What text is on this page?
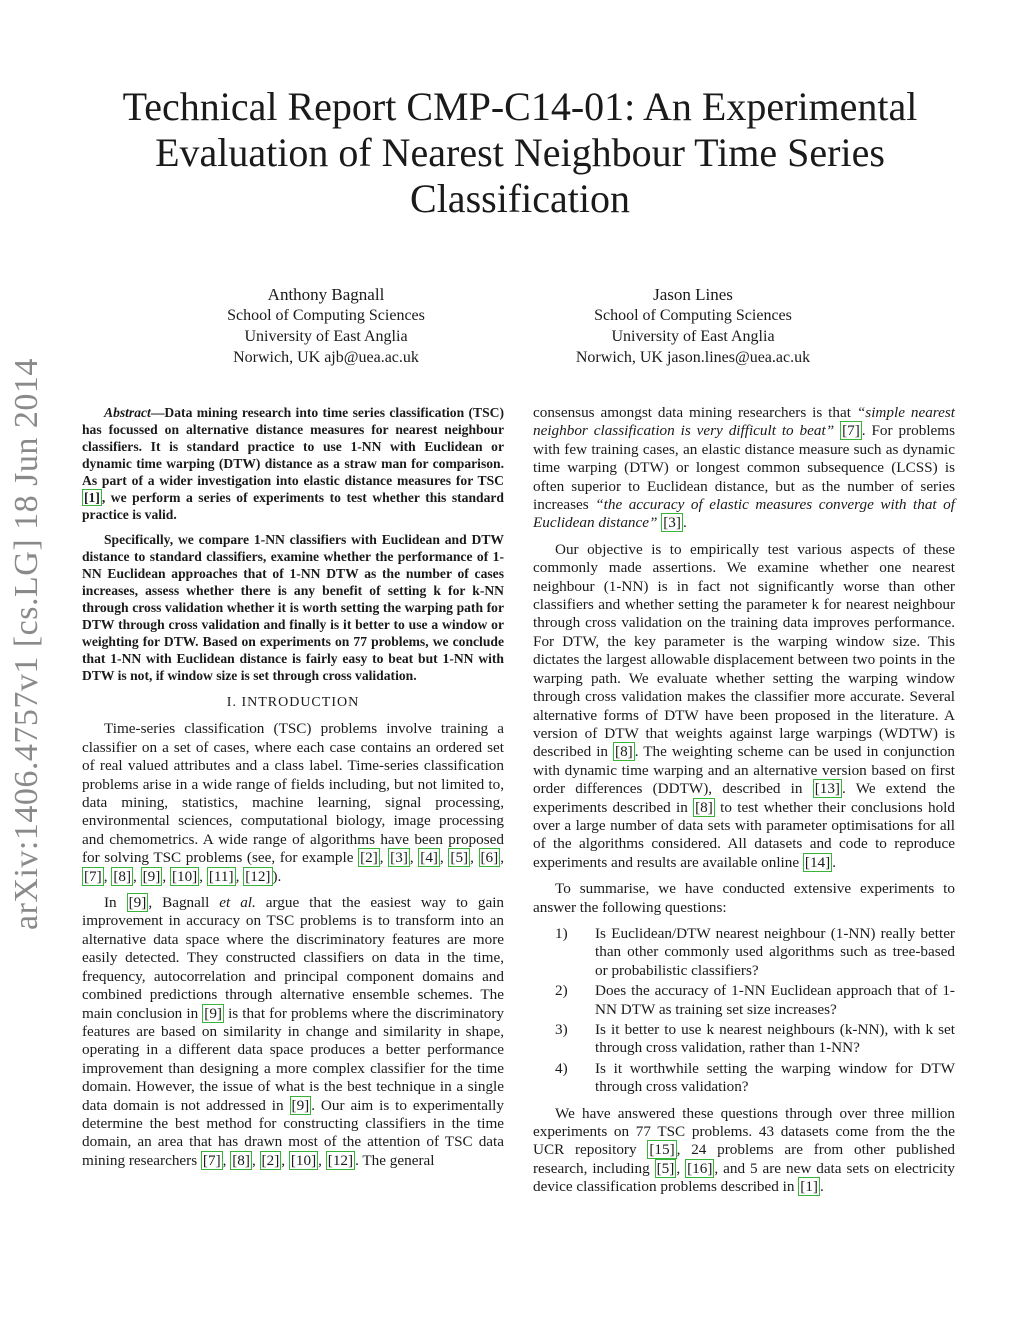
arXiv:1406.4757v1 [cs.LG] 18 Jun 2014
Technical Report CMP-C14-01: An Experimental Evaluation of Nearest Neighbour Time Series Classification
Anthony Bagnall
School of Computing Sciences
University of East Anglia
Norwich, UK ajb@uea.ac.uk
Jason Lines
School of Computing Sciences
University of East Anglia
Norwich, UK jason.lines@uea.ac.uk

Abstract—Data mining research into time series classification (TSC) has focussed on alternative distance measures for nearest neighbour classifiers. It is standard practice to use 1-NN with Euclidean or dynamic time warping (DTW) distance as a straw man for comparison. As part of a wider investigation into elastic distance measures for TSC [1] , we perform a series of experiments to test whether this standard practice is valid.

Specifically, we compare 1-NN classifiers with Euclidean and DTW distance to standard classifiers, examine whether the performance of 1-NN Euclidean approaches that of 1-NN DTW as the number of cases increases, assess whether there is any benefit of setting k for k-NN through cross validation whether it is worth setting the warping path for DTW through cross validation and finally is it better to use a window or weighting for DTW. Based on experiments on 77 problems, we conclude that 1-NN with Euclidean distance is fairly easy to beat but 1-NN with DTW is not, if window size is set through cross validation.

I. INTRODUCTION

Time-series classification (TSC) problems involve training a classifier on a set of cases, where each case contains an ordered set of real valued attributes and a class label. Time-series classification problems arise in a wide range of fields including, but not limited to, data mining, statistics, machine learning, signal processing, environmental sciences, computational biology, image processing and chemometrics. A wide range of algorithms have been proposed for solving TSC problems (see, for example [2] , [3] , [4] , [5] , [6] , [7] , [8] , [9] , [10] , [11] , [12] ).

In [9] , Bagnall et al. argue that the easiest way to gain improvement in accuracy on TSC problems is to transform into an alternative data space where the discriminatory features are more easily detected. They constructed classifiers on data in the time, frequency, autocorrelation and principal component domains and combined predictions through alternative ensemble schemes. The main conclusion in [9] is that for problems where the discriminatory features are based on similarity in change and similarity in shape, operating in a different data space produces a better performance improvement than designing a more complex classifier for the time domain. However, the issue of what is the best technique in a single data domain is not addressed in [9] . Our aim is to experimentally determine the best method for constructing classifiers in the time domain, an area that has drawn most of the attention of TSC data mining researchers [7] , [8] , [2] , [10] , [12] . The general

consensus amongst data mining researchers is that “simple nearest neighbor classification is very difficult to beat” [7] . For problems with few training cases, an elastic distance measure such as dynamic time warping (DTW) or longest common subsequence (LCSS) is often superior to Euclidean distance, but as the number of series increases “the accuracy of elastic measures converge with that of Euclidean distance” [3] .

Our objective is to empirically test various aspects of these commonly made assertions. We examine whether one nearest neighbour (1-NN) is in fact not significantly worse than other classifiers and whether setting the parameter k for nearest neighbour through cross validation on the training data improves performance. For DTW, the key parameter is the warping window size. This dictates the largest allowable displacement between two points in the warping path. We evaluate whether setting the warping window through cross validation makes the classifier more accurate. Several alternative forms of DTW have been proposed in the literature. A version of DTW that weights against large warpings (WDTW) is described in [8] . The weighting scheme can be used in conjunction with dynamic time warping and an alternative version based on first order differences (DDTW), described in [13] . We extend the experiments described in [8] to test whether their conclusions hold over a large number of data sets with parameter optimisations for all of the algorithms considered. All datasets and code to reproduce experiments and results are available online [14] .

To summarise, we have conducted extensive experiments to answer the following questions:

1) Is Euclidean/DTW nearest neighbour (1-NN) really better than other commonly used algorithms such as tree-based or probabilistic classifiers?
2) Does the accuracy of 1-NN Euclidean approach that of 1-NN DTW as training set size increases?
3) Is it better to use k nearest neighbours (k-NN), with k set through cross validation, rather than 1-NN?
4) Is it worthwhile setting the warping window for DTW through cross validation?

We have answered these questions through over three million experiments on 77 TSC problems. 43 datasets come from the the UCR repository [15] , 24 problems are from other published research, including [5] , [16] , and 5 are new data sets on electricity device classification problems described in [1] .
